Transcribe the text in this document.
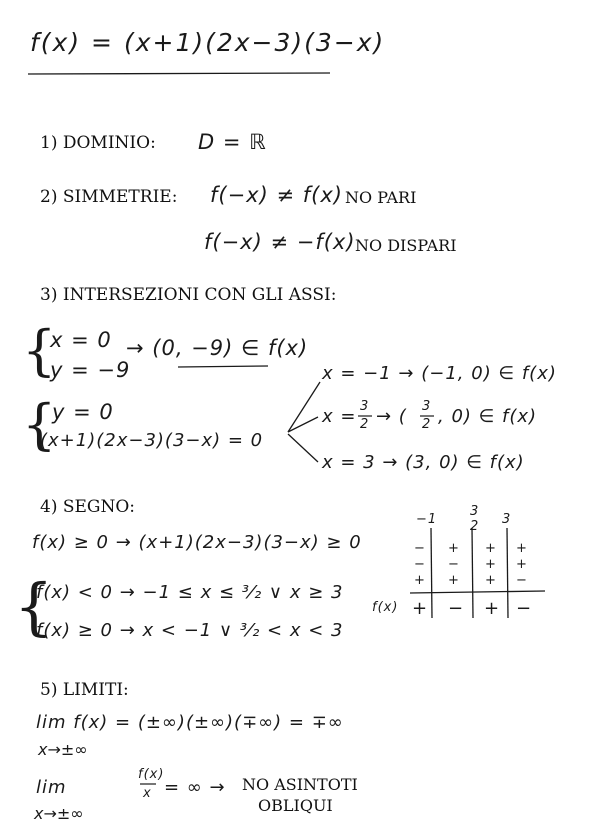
f(x) = (x+1)(2x−3)(3−x)
1) DOMINIO: D = ℝ
2) SIMMETRIE: f(−x) ≠ f(x) NO PARI
f(−x) ≠ −f(x) NO DISPARI
3) INTERSEZIONI CON GLI ASSI:
{
x = 0
y = −9
→ (0, −9) ∈ f(x)
{
y = 0
(x+1)(2x−3)(3−x) = 0
x = −1 → (−1, 0) ∈ f(x)
x = 3
2 → ( 3
2 , 0) ∈ f(x)
x = 3 → (3, 0) ∈ f(x)
4) SEGNO:
f(x) ≥ 0 → (x+1)(2x−3)(3−x) ≥ 0
{
f(x) < 0 → −1 ≤ x ≤ ³⁄₂ ∨ x ≥ 3
f(x) ≥ 0 → x < −1 ∨ ³⁄₂ < x < 3
−1
3
2 3
− + + +
− − + +
+ + + −
f(x) + − + −
5) LIMITI:
lim f(x) = (±∞)(±∞)(∓∞) = ∓∞
x→±∞
lim
f(x)
x = ∞ →
x→±∞
NO ASINTOTI
OBLIQUI
